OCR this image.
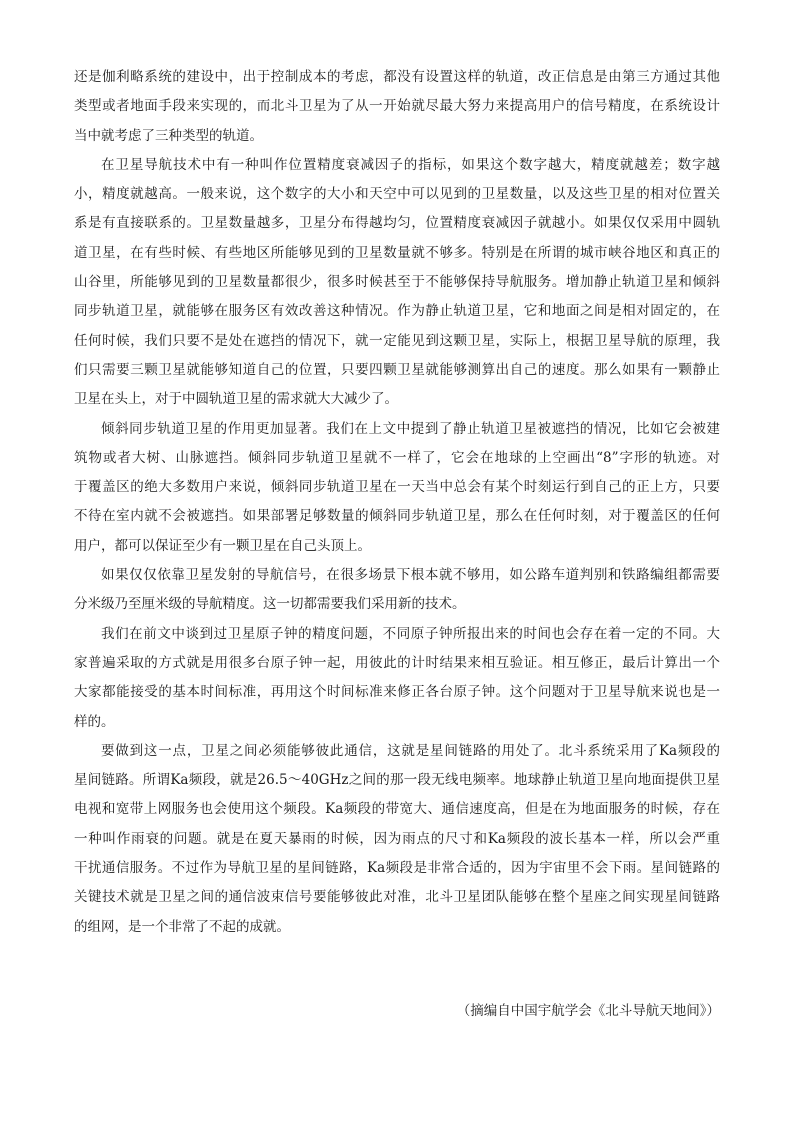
还是伽利略系统的建设中，出于控制成本的考虑，都没有设置这样的轨道，改正信息是由第三方通过其他
类型或者地面手段来实现的，而北斗卫星为了从一开始就尽最大努力来提高用户的信号精度，在系统设计
当中就考虑了三种类型的轨道。
在卫星导航技术中有一种叫作位置精度衰减因子的指标，如果这个数字越大，精度就越差；数字越
小，精度就越高。一般来说，这个数字的大小和天空中可以见到的卫星数量，以及这些卫星的相对位置关
系是有直接联系的。卫星数量越多，卫星分布得越均匀，位置精度衰减因子就越小。如果仅仅采用中圆轨
道卫星，在有些时候、有些地区所能够见到的卫星数量就不够多。特别是在所谓的城市峡谷地区和真正的
山谷里，所能够见到的卫星数量都很少，很多时候甚至于不能够保持导航服务。增加静止轨道卫星和倾斜
同步轨道卫星，就能够在服务区有效改善这种情况。作为静止轨道卫星，它和地面之间是相对固定的，在
任何时候，我们只要不是处在遮挡的情况下，就一定能见到这颗卫星，实际上，根据卫星导航的原理，我
们只需要三颗卫星就能够知道自己的位置，只要四颗卫星就能够测算出自己的速度。那么如果有一颗静止
卫星在头上，对于中圆轨道卫星的需求就大大减少了。
倾斜同步轨道卫星的作用更加显著。我们在上文中提到了静止轨道卫星被遮挡的情况，比如它会被建
筑物或者大树、山脉遮挡。倾斜同步轨道卫星就不一样了，它会在地球的上空画出“8”字形的轨迹。对
于覆盖区的绝大多数用户来说，倾斜同步轨道卫星在一天当中总会有某个时刻运行到自己的正上方，只要
不待在室内就不会被遮挡。如果部署足够数量的倾斜同步轨道卫星，那么在任何时刻，对于覆盖区的任何
用户，都可以保证至少有一颗卫星在自己头顶上。
如果仅仅依靠卫星发射的导航信号，在很多场景下根本就不够用，如公路车道判别和铁路编组都需要
分米级乃至厘米级的导航精度。这一切都需要我们采用新的技术。
我们在前文中谈到过卫星原子钟的精度问题，不同原子钟所报出来的时间也会存在着一定的不同。大
家普遍采取的方式就是用很多台原子钟一起，用彼此的计时结果来相互验证。相互修正，最后计算出一个
大家都能接受的基本时间标准，再用这个时间标准来修正各台原子钟。这个问题对于卫星导航来说也是一
样的。
要做到这一点，卫星之间必须能够彼此通信，这就是星间链路的用处了。北斗系统采用了Ka频段的
星间链路。所谓Ka频段，就是26.5～40GHz之间的那一段无线电频率。地球静止轨道卫星向地面提供卫星
电视和宽带上网服务也会使用这个频段。Ka频段的带宽大、通信速度高，但是在为地面服务的时候，存在
一种叫作雨衰的问题。就是在夏天暴雨的时候，因为雨点的尺寸和Ka频段的波长基本一样，所以会严重
干扰通信服务。不过作为导航卫星的星间链路，Ka频段是非常合适的，因为宇宙里不会下雨。星间链路的
关键技术就是卫星之间的通信波束信号要能够彼此对准，北斗卫星团队能够在整个星座之间实现星间链路
的组网，是一个非常了不起的成就。
（摘编自中国宇航学会《北斗导航天地间》）
